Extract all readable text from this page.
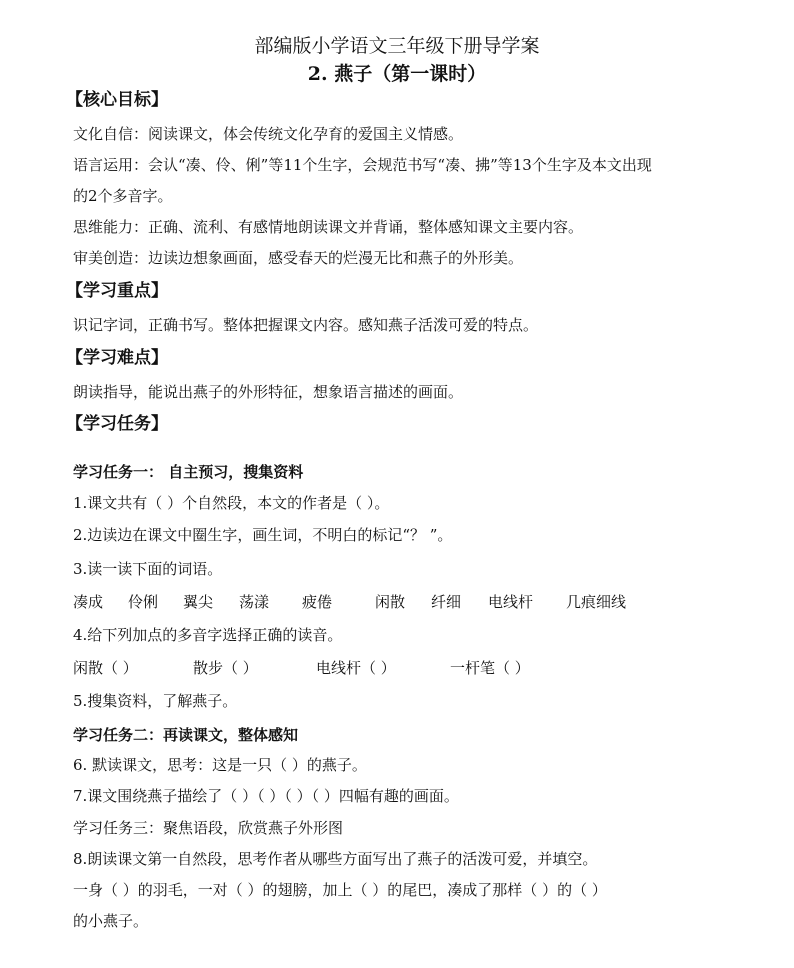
部编版小学语文三年级下册导学案
2. 燕子（第一课时）
【核心目标】
文化自信：阅读课文，体会传统文化孕育的爱国主义情感。
语言运用：会认“凑、伶、俐”等11个生字，会规范书写“凑、拂”等13个生字及本文出现
的2个多音字。
思维能力：正确、流利、有感情地朗读课文并背诵，整体感知课文主要内容。
审美创造：边读边想象画面，感受春天的烂漫无比和燕子的外形美。
【学习重点】
识记字词，正确书写。整体把握课文内容。感知燕子活泼可爱的特点。
【学习难点】
朗读指导，能说出燕子的外形特征，想象语言描述的画面。
【学习任务】
学习任务一： 自主预习，搜集资料
1.课文共有（ ）个自然段，本文的作者是（ ）。
2.边读边在课文中圈生字，画生词，不明白的标记“？ ”。
3.读一读下面的词语。
凑成 伶俐 翼尖 荡漾 疲倦	闲散 纤细 电线杆 几痕细线
4.给下列加点的多音字选择正确的读音。
闲散（ ）	散步（ ）	电线杆（ ）	一杆笔（ ）
5.搜集资料，了解燕子。
学习任务二：再读课文，整体感知
6. 默读课文，思考：这是一只（ ）的燕子。
7.课文围绕燕子描绘了（ ）（ ）（ ）（ ）四幅有趣的画面。
学习任务三：聚焦语段，欣赏燕子外形图
8.朗读课文第一自然段，思考作者从哪些方面写出了燕子的活泼可爱，并填空。
一身（ ）的羽毛，一对（ ）的翅膀，加上（ ）的尾巴，凑成了那样（ ）的（ ）
的小燕子。
